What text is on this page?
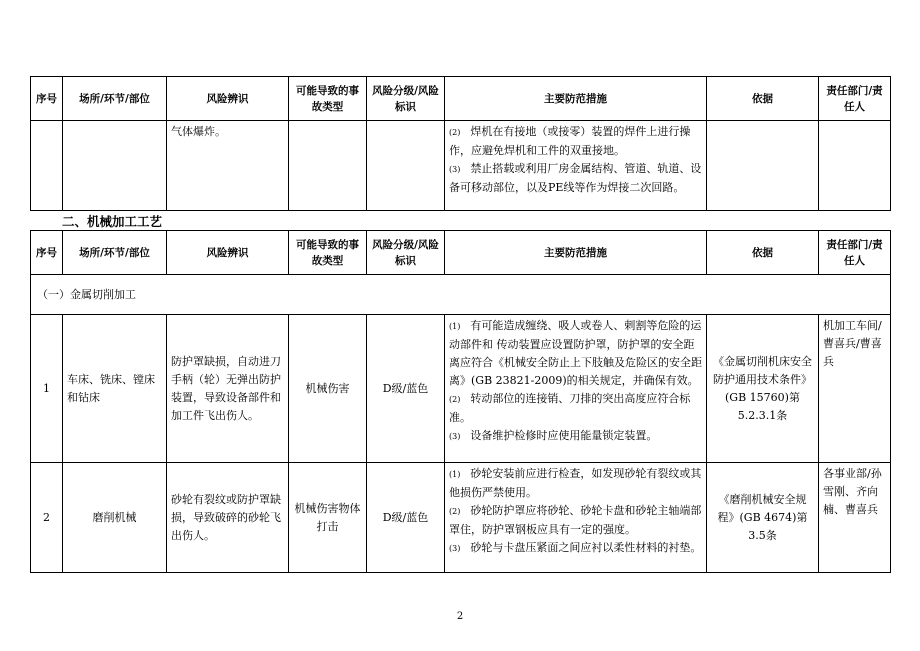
序号	场所/环节/部位	风险辨识	可能导致的事故类型	风险分级/风险标识	主要防范措施	依据	责任部门/责任人
		气体爆炸。			(2) 焊机在有接地（或接零）装置的焊件上进行操作，应避免焊机和工件的双重接地。
(3) 禁止搭载或利用厂房金属结构、管道、轨道、设备可移动部位，以及PE线等作为焊接二次回路。		

二、机械加工工艺
序号	场所/环节/部位	风险辨识	可能导致的事故类型	风险分级/风险标识	主要防范措施	依据	责任部门/责任人
（一）金属切削加工							
1	车床、铣床、镗床和钻床	防护罩缺损，自动进刀手柄（轮）无弹出防护装置，导致设备部件和加工件飞出伤人。	机械伤害	D级/蓝色	(1) 有可能造成缠绕、吸人或卷人、剌割等危险的运动部件和 传动装置应设置防护罩，防护罩的安全距离应符合《机械安全防止上下肢触及危险区的安全距离》(GB 23821-2009)的相关规定，并确保有效。
(2) 转动部位的连接销、刀排的突出高度应符合标准。
(3) 设备维护检修时应使用能量锁定装置。	《金属切削机床安全防护通用技术条件》(GB 15760)第5.2.3.1条	机加工车间/曹喜兵/曹喜兵
2	磨削机械	砂轮有裂纹或防护罩缺损，导致破碎的砂轮飞出伤人。	机械伤害物体打击	D级/蓝色	(1) 砂轮安装前应进行检查，如发现砂轮有裂纹或其他损伤严禁使用。
(2) 砂轮防护罩应将砂轮、砂轮卡盘和砂轮主轴端部罩住，防护罩钢板应具有一定的强度。
(3) 砂轮与卡盘压紧面之间应衬以柔性材料的衬垫。	《磨削机械安全规程》(GB 4674)第3.5条	各事业部/孙雪刚、齐向楠、曹喜兵
2
